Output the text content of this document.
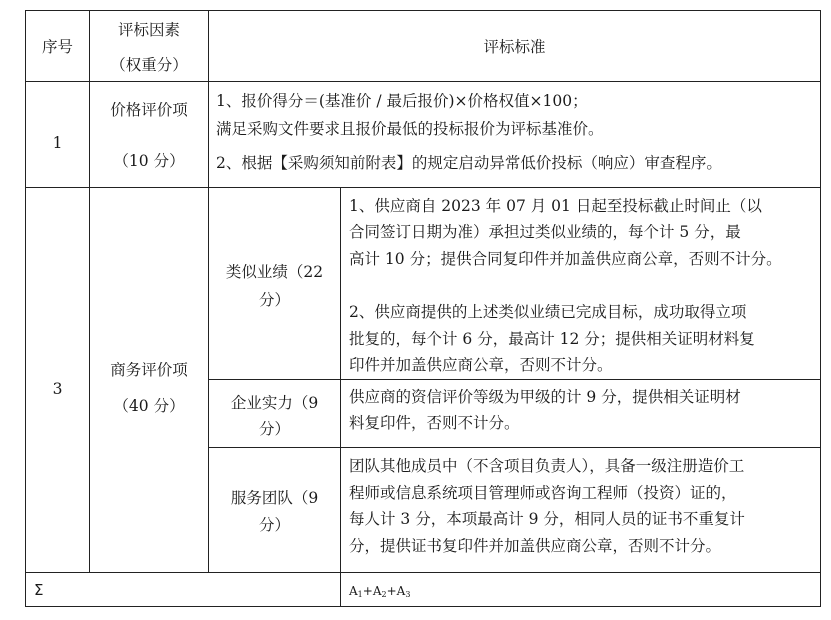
序号
评标因素
（权重分）
评标标准
1
价格评价项
（10 分）
1、报价得分＝(基准价 / 最后报价)×价格权值×100；
满足采购文件要求且报价最低的投标报价为评标基准价。
2、根据【采购须知前附表】的规定启动异常低价投标（响应）审查程序。
3
商务评价项
（40 分）
类似业绩（22
分）
1、供应商自 2023 年 07 月 01 日起至投标截止时间止（以
合同签订日期为准）承担过类似业绩的，每个计 5 分，最
高计 10 分；提供合同复印件并加盖供应商公章，否则不计分。
2、供应商提供的上述类似业绩已完成目标，成功取得立项
批复的，每个计 6 分，最高计 12 分；提供相关证明材料复
印件并加盖供应商公章，否则不计分。
企业实力（9
分）
供应商的资信评价等级为甲级的计 9 分，提供相关证明材
料复印件，否则不计分。
服务团队（9
分）
团队其他成员中（不含项目负责人），具备一级注册造价工
程师或信息系统项目管理师或咨询工程师（投资）证的，
每人计 3 分，本项最高计 9 分，相同人员的证书不重复计
分，提供证书复印件并加盖供应商公章，否则不计分。
Σ	$A_1+A_2+A_3$
